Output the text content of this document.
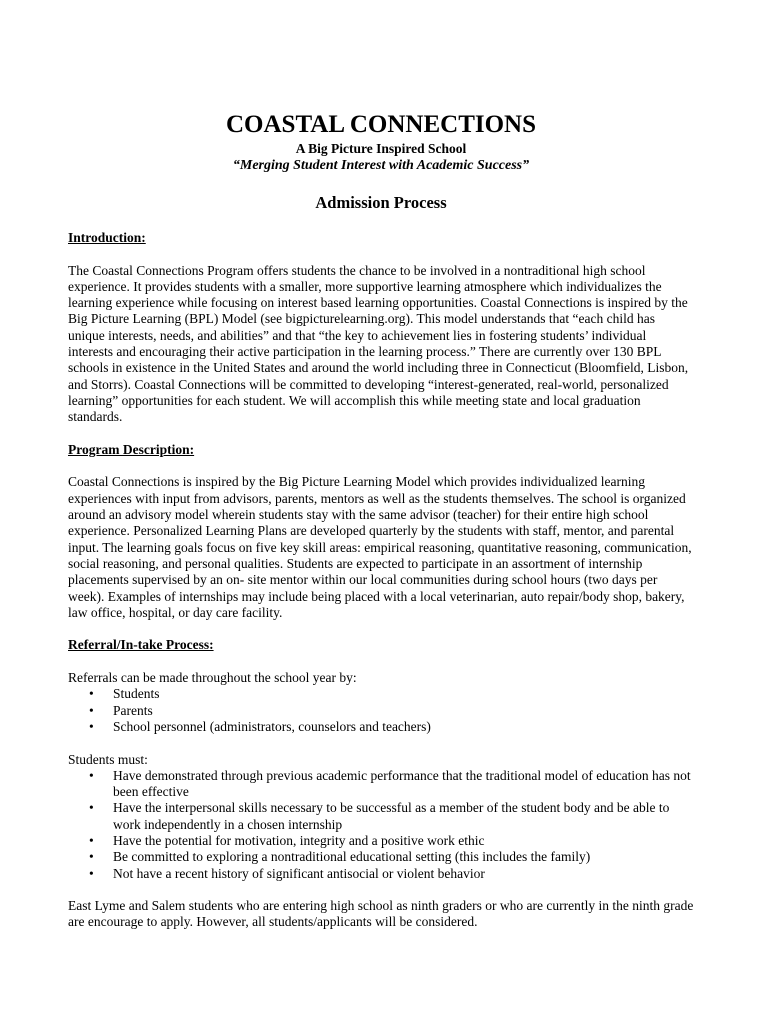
COASTAL CONNECTIONS
A Big Picture Inspired School
“Merging Student Interest with Academic Success”
Admission Process
Introduction:

The Coastal Connections Program offers students the chance to be involved in a nontraditional high school experience. It provides students with a smaller, more supportive learning atmosphere which individualizes the learning experience while focusing on interest based learning opportunities. Coastal Connections is inspired by the Big Picture Learning (BPL) Model (see bigpicturelearning.org). This model understands that “each child has unique interests, needs, and abilities” and that “the key to achievement lies in fostering students’ individual interests and encouraging their active participation in the learning process.” There are currently over 130 BPL schools in existence in the United States and around the world including three in Connecticut (Bloomfield, Lisbon, and Storrs). Coastal Connections will be committed to developing “interest-generated, real-world, personalized learning” opportunities for each student. We will accomplish this while meeting state and local graduation standards.

Program Description:

Coastal Connections is inspired by the Big Picture Learning Model which provides individualized learning experiences with input from advisors, parents, mentors as well as the students themselves. The school is organized around an advisory model wherein students stay with the same advisor (teacher) for their entire high school experience. Personalized Learning Plans are developed quarterly by the students with staff, mentor, and parental input. The learning goals focus on five key skill areas: empirical reasoning, quantitative reasoning, communication, social reasoning, and personal qualities. Students are expected to participate in an assortment of internship placements supervised by an on- site mentor within our local communities during school hours (two days per week). Examples of internships may include being placed with a local veterinarian, auto repair/body shop, bakery, law office, hospital, or day care facility.

Referral/In-take Process:

Referrals can be made throughout the school year by:

• Students
• Parents
• School personnel (administrators, counselors and teachers)

Students must:

• Have demonstrated through previous academic performance that the traditional model of education has not been effective
• Have the interpersonal skills necessary to be successful as a member of the student body and be able to work independently in a chosen internship
• Have the potential for motivation, integrity and a positive work ethic
• Be committed to exploring a nontraditional educational setting (this includes the family)
• Not have a recent history of significant antisocial or violent behavior

East Lyme and Salem students who are entering high school as ninth graders or who are currently in the ninth grade are encourage to apply. However, all students/applicants will be considered.
